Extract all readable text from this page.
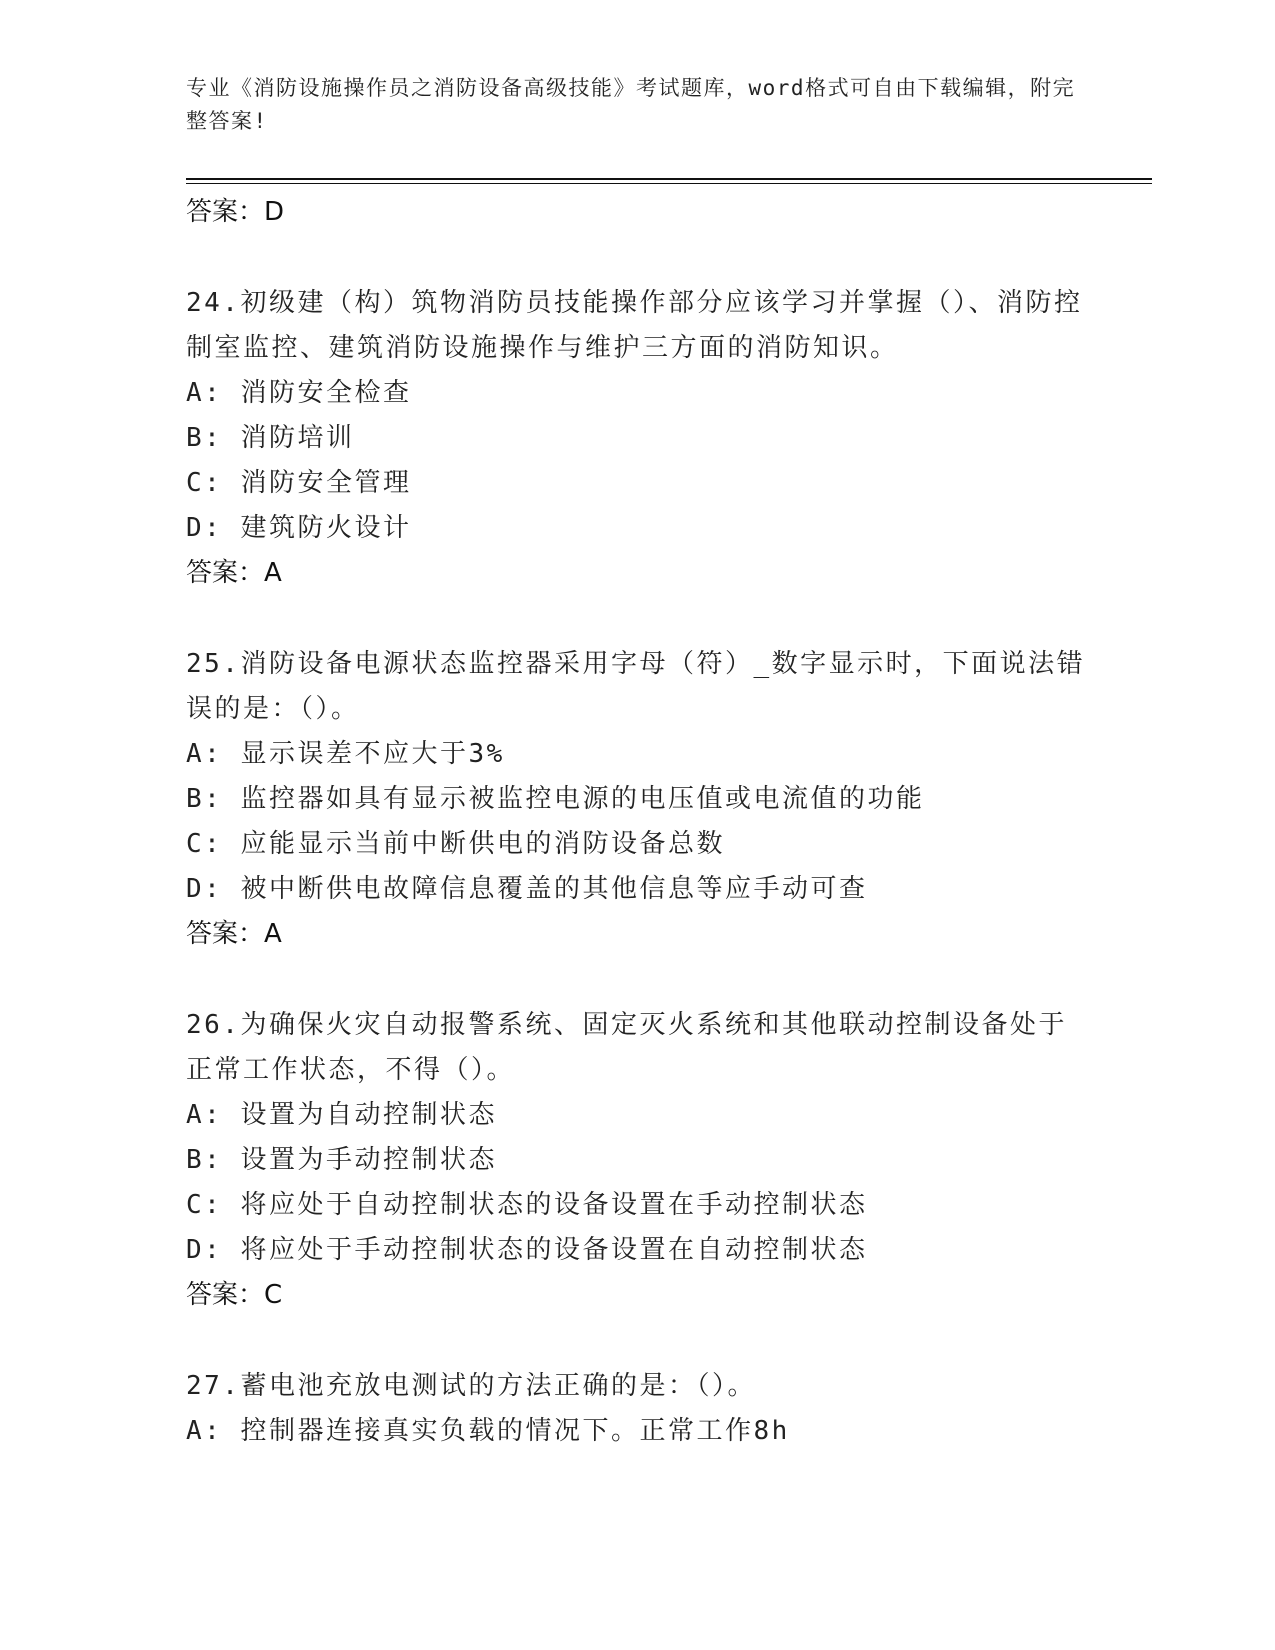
专业《消防设施操作员之消防设备高级技能》考试题库，word格式可自由下载编辑，附完整答案!
答案：D
24.初级建（构）筑物消防员技能操作部分应该学习并掌握（）、消防控制室监控、建筑消防设施操作与维护三方面的消防知识。
A: 消防安全检查
B: 消防培训
C: 消防安全管理
D: 建筑防火设计
答案：A
25.消防设备电源状态监控器采用字母（符）_数字显示时，下面说法错误的是：（）。
A: 显示误差不应大于3%
B: 监控器如具有显示被监控电源的电压值或电流值的功能
C: 应能显示当前中断供电的消防设备总数
D: 被中断供电故障信息覆盖的其他信息等应手动可查
答案：A
26.为确保火灾自动报警系统、固定灭火系统和其他联动控制设备处于正常工作状态，不得（）。
A: 设置为自动控制状态
B: 设置为手动控制状态
C: 将应处于自动控制状态的设备设置在手动控制状态
D: 将应处于手动控制状态的设备设置在自动控制状态
答案：C
27.蓄电池充放电测试的方法正确的是：（）。
A: 控制器连接真实负载的情况下。正常工作8h
